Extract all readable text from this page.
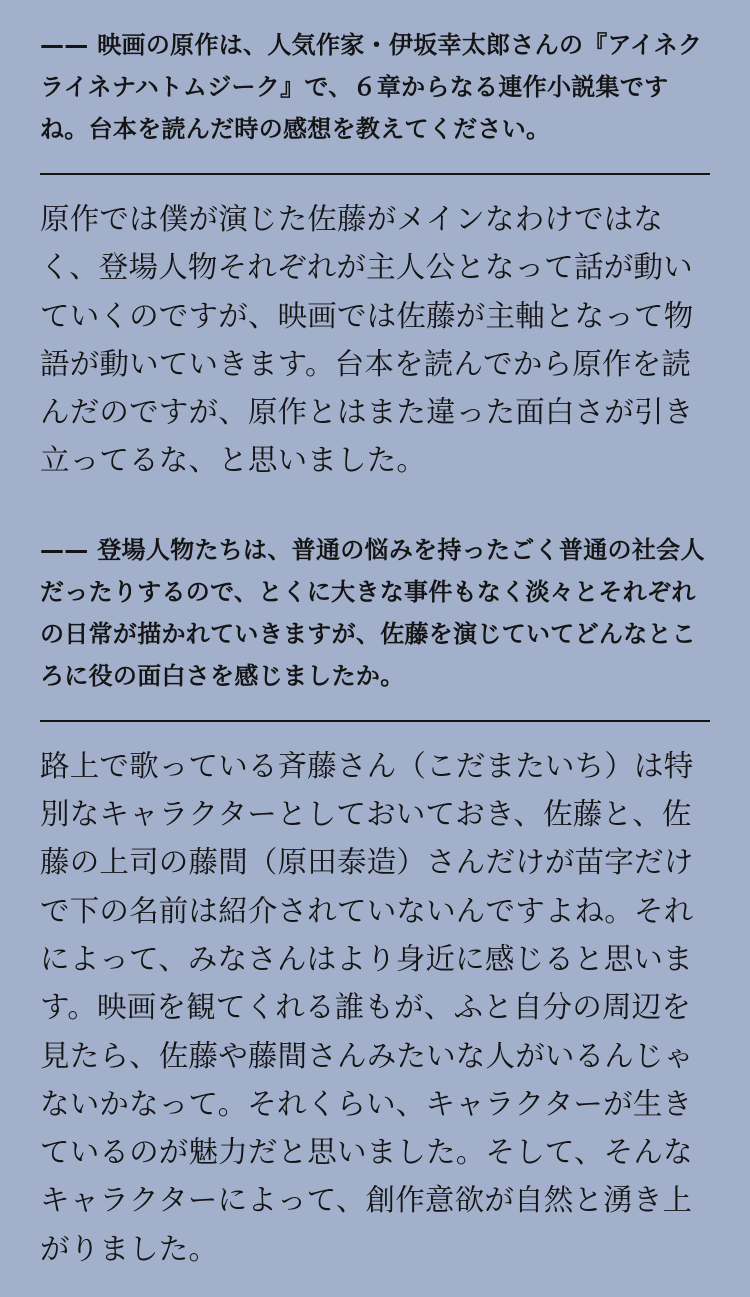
—— 映画の原作は、人気作家・伊坂幸太郎さんの『アイネクライネナハトムジーク』で、６章からなる連作小説集ですね。台本を読んだ時の感想を教えてください。

原作では僕が演じた佐藤がメインなわけではなく、登場人物それぞれが主人公となって話が動いていくのですが、映画では佐藤が主軸となって物語が動いていきます。台本を読んでから原作を読んだのですが、原作とはまた違った面白さが引き立ってるな、と思いました。

—— 登場人物たちは、普通の悩みを持ったごく普通の社会人だったりするので、とくに大きな事件もなく淡々とそれぞれの日常が描かれていきますが、佐藤を演じていてどんなところに役の面白さを感じましたか。

路上で歌っている斉藤さん（こだまたいち）は特別なキャラクターとしておいておき、佐藤と、佐藤の上司の藤間（原田泰造）さんだけが苗字だけで下の名前は紹介されていないんですよね。それによって、みなさんはより身近に感じると思います。映画を観てくれる誰もが、ふと自分の周辺を見たら、佐藤や藤間さんみたいな人がいるんじゃないかなって。それくらい、キャラクターが生きているのが魅力だと思いました。そして、そんなキャラクターによって、創作意欲が自然と湧き上がりました。
